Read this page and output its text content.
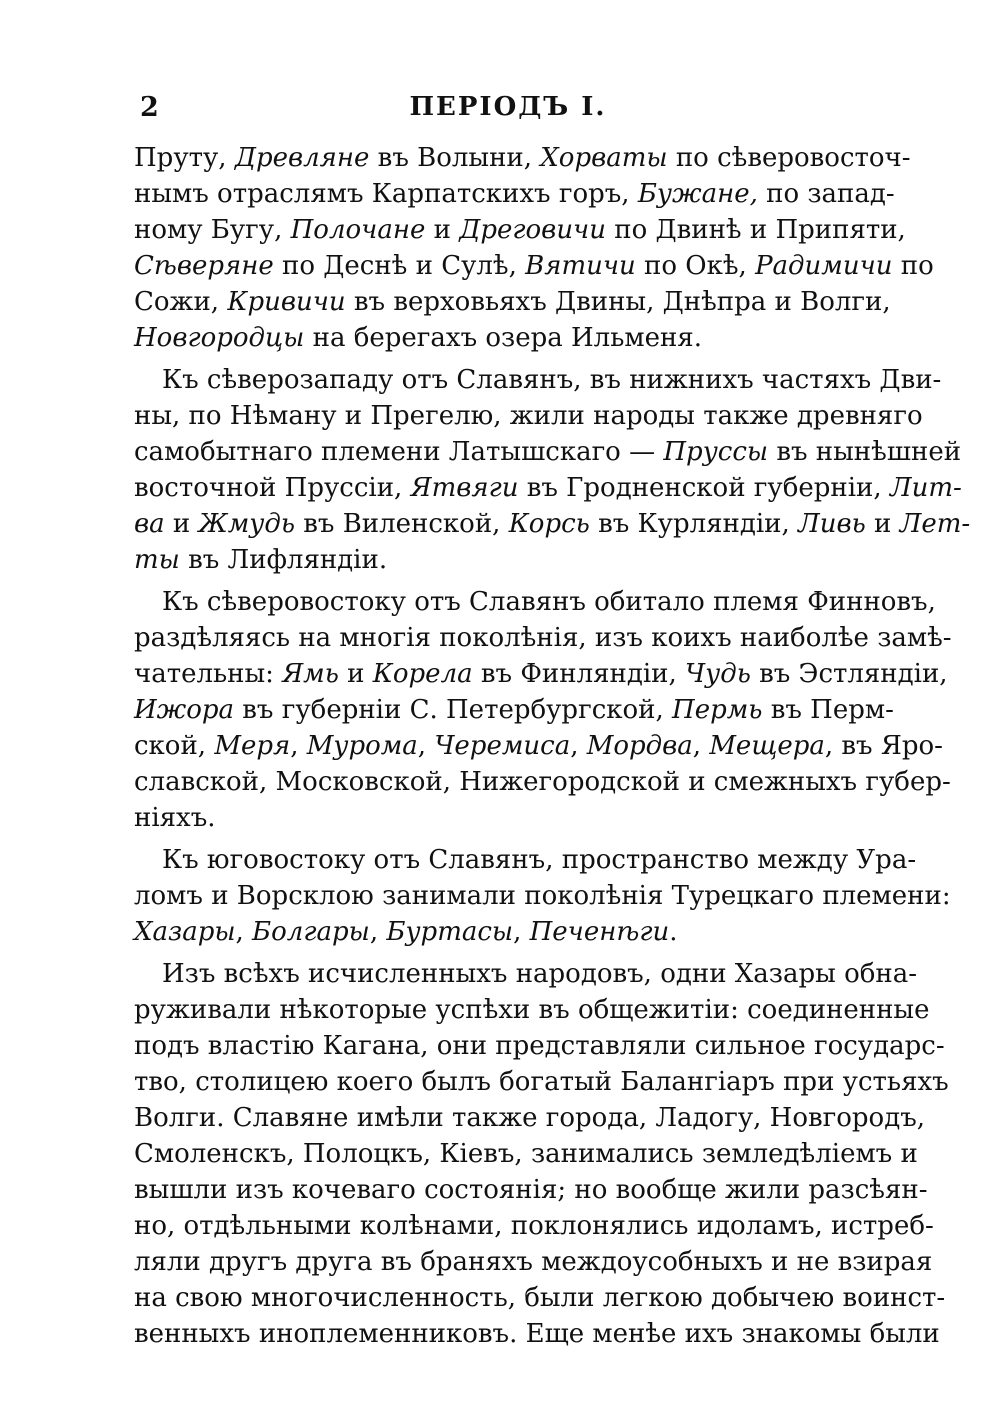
2	ПЕРІОДЪ I.
Пруту, Древляне въ Волыни, Хорваты по сѣверовосточ-
нымъ отраслямъ Карпатскихъ горъ, Бужане, по запад-
ному Бугу, Полочане и Дреговичи по Двинѣ и Припяти,
Сѣверяне по Деснѣ и Сулѣ, Вятичи по Окѣ, Радимичи по
Сожи, Кривичи въ верховьяхъ Двины, Днѣпра и Волги,
Новгородцы на берегахъ озера Ильменя.
Къ сѣверозападу отъ Славянъ, въ нижнихъ частяхъ Дви-
ны, по Нѣману и Прегелю, жили народы также древняго
самобытнаго племени Латышскаго — Пруссы въ нынѣшней
восточной Пруссіи, Ятвяги въ Гродненской губерніи, Лит-
ва и Жмудь въ Виленской, Корсь въ Курляндіи, Ливь и Лет-
ты въ Лифляндіи.
Къ сѣверовостоку отъ Славянъ обитало племя Финновъ,
раздѣляясь на многія поколѣнія, изъ коихъ наиболѣе замѣ-
чательны: Ямь и Корела въ Финляндіи, Чудь въ Эстляндіи,
Ижора въ губерніи С. Петербургской, Пермь въ Перм-
ской, Меря, Мурома, Черемиса, Мордва, Мещера, въ Яро-
славской, Московской, Нижегородской и смежныхъ губер-
ніяхъ.
Къ юговостоку отъ Славянъ, пространство между Ура-
ломъ и Ворсклою занимали поколѣнія Турецкаго племени:
Хазары, Болгары, Буртасы, Печенѣги.
Изъ всѣхъ исчисленныхъ народовъ, одни Хазары обна-
руживали нѣкоторые успѣхи въ общежитіи: соединенные
подъ властію Кагана, они представляли сильное государс-
тво, столицею коего былъ богатый Балангіаръ при устьяхъ
Волги. Славяне имѣли также города, Ладогу, Новгородъ,
Смоленскъ, Полоцкъ, Кіевъ, занимались земледѣліемъ и
вышли изъ кочеваго состоянія; но вообще жили разсѣян-
но, отдѣльными колѣнами, поклонялись идоламъ, истреб-
ляли другъ друга въ браняхъ междоусобныхъ и не взирая
на свою многочисленность, были легкою добычею воинст-
венныхъ иноплеменниковъ. Еще менѣе ихъ знакомы были
